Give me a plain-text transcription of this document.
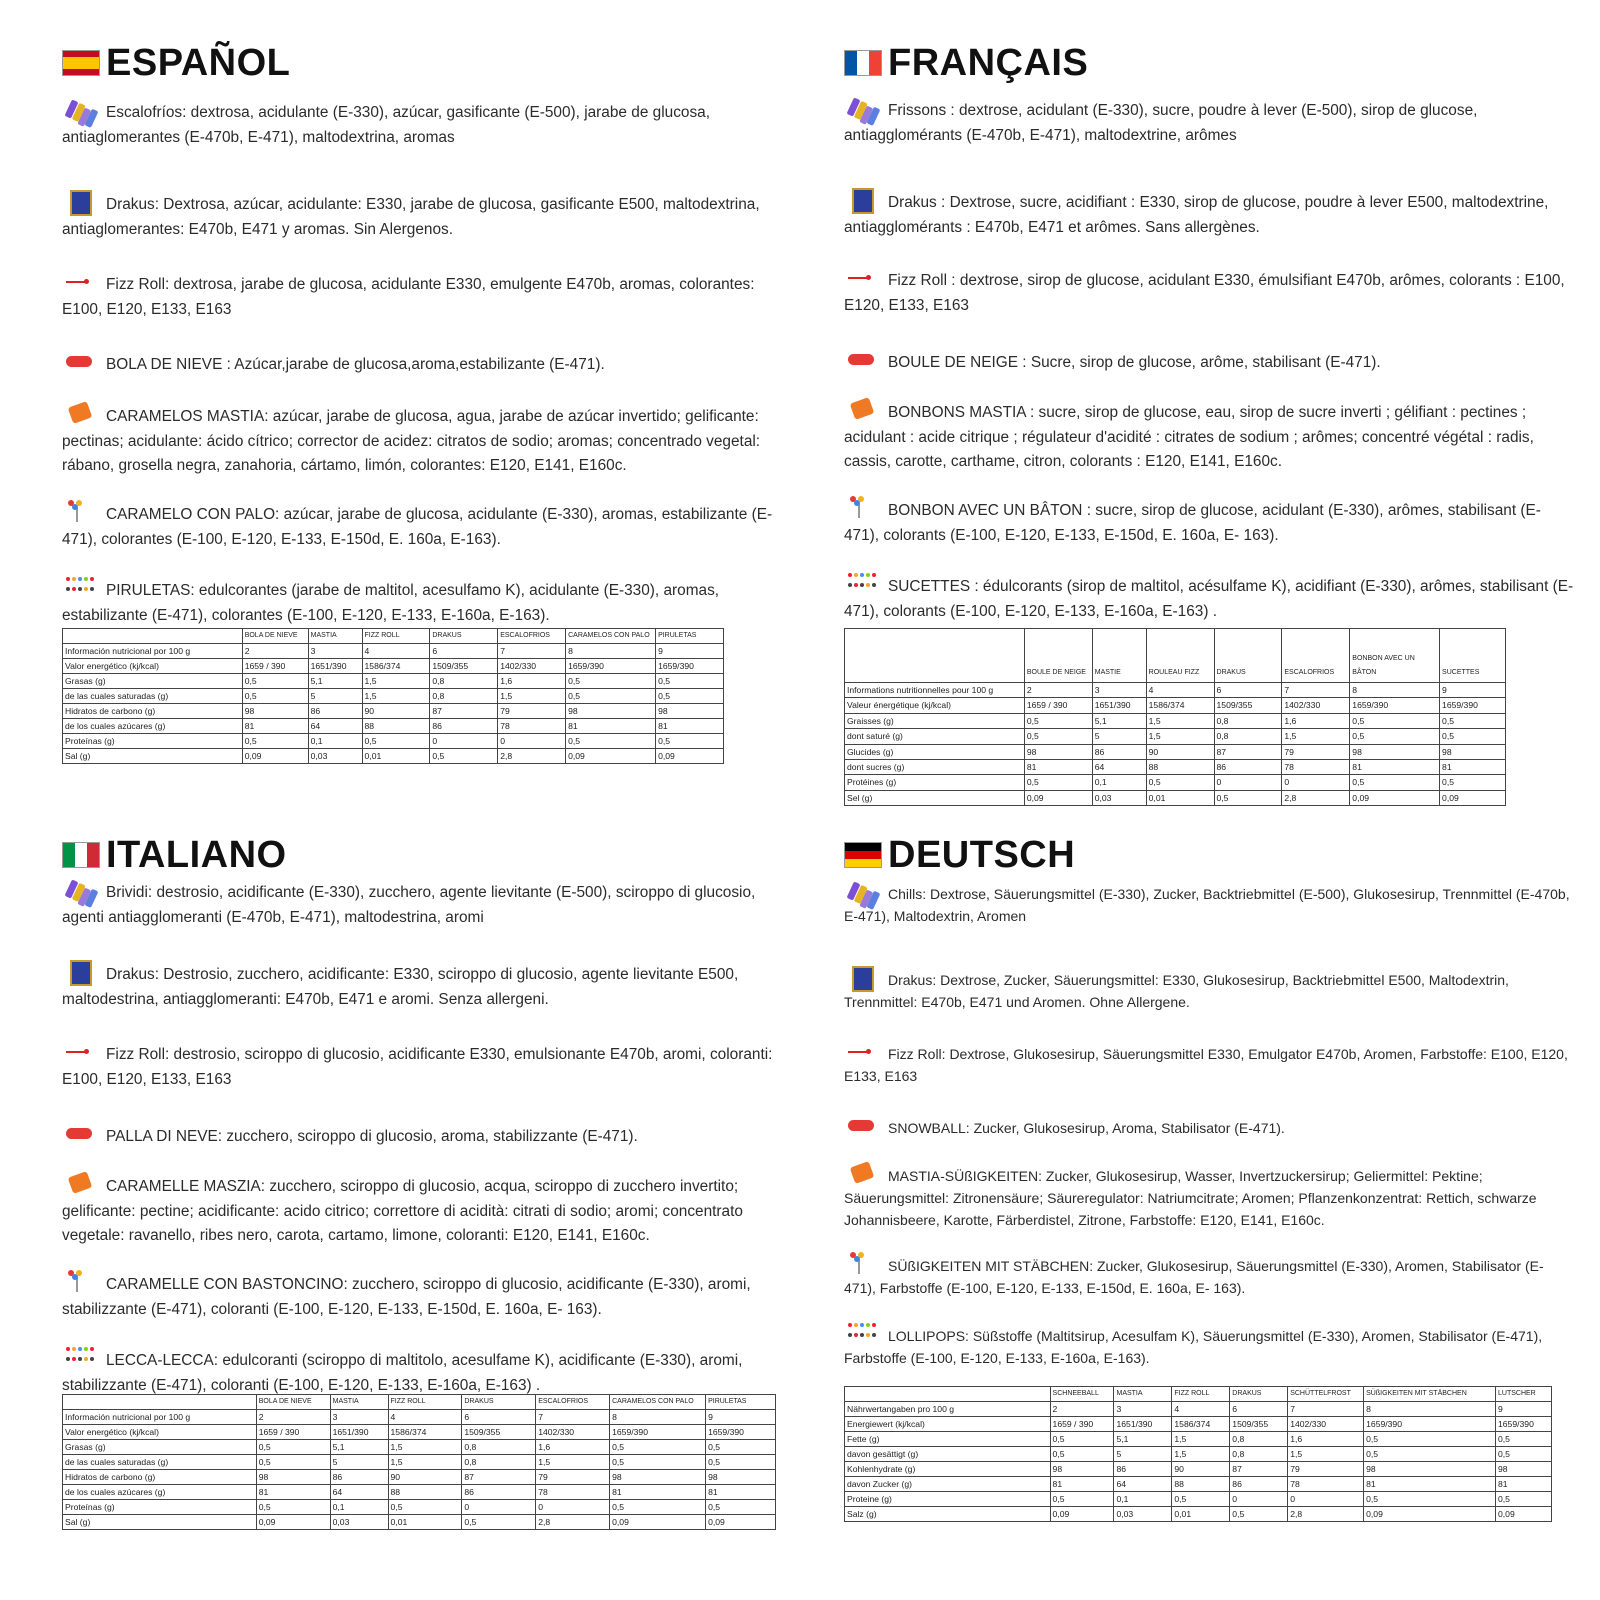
ESPAÑOL
Escalofríos: dextrosa, acidulante (E-330), azúcar, gasificante (E-500), jarabe de glucosa, antiaglomerantes (E-470b, E-471), maltodextrina, aromas
Drakus: Dextrosa, azúcar, acidulante: E330, jarabe de glucosa, gasificante E500, maltodextrina, antiaglomerantes: E470b, E471 y aromas. Sin Alergenos.
Fizz Roll: dextrosa, jarabe de glucosa, acidulante E330, emulgente E470b, aromas, colorantes: E100, E120, E133, E163
BOLA DE NIEVE : Azúcar,jarabe de glucosa,aroma,estabilizante (E-471).
CARAMELOS MASTIA: azúcar, jarabe de glucosa, agua, jarabe de azúcar invertido; gelificante: pectinas; acidulante: ácido cítrico; corrector de acidez: citratos de sodio; aromas; concentrado vegetal: rábano, grosella negra, zanahoria, cártamo, limón, colorantes: E120, E141, E160c.
CARAMELO CON PALO: azúcar, jarabe de glucosa, acidulante (E-330), aromas, estabilizante (E-471), colorantes (E-100, E-120, E-133, E-150d, E. 160a, E-163).
PIRULETAS: edulcorantes (jarabe de maltitol, acesulfamo K), acidulante (E-330), aromas, estabilizante (E-471), colorantes (E-100, E-120, E-133, E-160a, E-163).
	BOLA DE NIEVE	MASTIA	FIZZ ROLL	DRAKUS	ESCALOFRIOS	CARAMELOS CON PALO	PIRULETAS
Información nutricional por 100 g	2	3	4	6	7	8	9
Valor energético (kj/kcal)	1659 / 390	1651/390	1586/374	1509/355	1402/330	1659/390	1659/390
Grasas (g)	0,5	5,1	1,5	0,8	1,6	0,5	0,5
de las cuales saturadas (g)	0,5	5	1,5	0,8	1,5	0,5	0,5
Hidratos de carbono (g)	98	86	90	87	79	98	98
de los cuales azúcares (g)	81	64	88	86	78	81	81
Proteínas (g)	0,5	0,1	0,5	0	0	0,5	0,5
Sal (g)	0,09	0,03	0,01	0,5	2,8	0,09	0,09
FRANÇAIS
Frissons : dextrose, acidulant (E-330), sucre, poudre à lever (E-500), sirop de glucose, antiagglomérants (E-470b, E-471), maltodextrine, arômes
Drakus : Dextrose, sucre, acidifiant : E330, sirop de glucose, poudre à lever E500, maltodextrine, antiagglomérants : E470b, E471 et arômes. Sans allergènes.
Fizz Roll : dextrose, sirop de glucose, acidulant E330, émulsifiant E470b, arômes, colorants : E100, E120, E133, E163
BOULE DE NEIGE : Sucre, sirop de glucose, arôme, stabilisant (E-471).
BONBONS MASTIA : sucre, sirop de glucose, eau, sirop de sucre inverti ; gélifiant : pectines ; acidulant : acide citrique ; régulateur d'acidité : citrates de sodium ; arômes; concentré végétal : radis, cassis, carotte, carthame, citron, colorants : E120, E141, E160c.
BONBON AVEC UN BÂTON : sucre, sirop de glucose, acidulant (E-330), arômes, stabilisant (E-471), colorants (E-100, E-120, E-133, E-150d, E. 160a, E- 163).
SUCETTES : édulcorants (sirop de maltitol, acésulfame K), acidifiant (E-330), arômes, stabilisant (E-471), colorants (E-100, E-120, E-133, E-160a, E-163) .
	BOULE DE NEIGE	MASTIE	ROULEAU FIZZ	DRAKUS	ESCALOFRIOS	BONBON AVEC UN BÂTON	SUCETTES
Informations nutritionnelles pour 100 g	2	3	4	6	7	8	9
Valeur énergétique (kj/kcal)	1659 / 390	1651/390	1586/374	1509/355	1402/330	1659/390	1659/390
Graisses (g)	0,5	5,1	1,5	0,8	1,6	0,5	0,5
dont saturé (g)	0,5	5	1,5	0,8	1,5	0,5	0,5
Glucides (g)	98	86	90	87	79	98	98
dont sucres (g)	81	64	88	86	78	81	81
Protéines (g)	0,5	0,1	0,5	0	0	0,5	0,5
Sel (g)	0,09	0,03	0,01	0,5	2,8	0,09	0,09
ITALIANO
Brividi: destrosio, acidificante (E-330), zucchero, agente lievitante (E-500), sciroppo di glucosio, agenti antiagglomeranti (E-470b, E-471), maltodestrina, aromi
Drakus: Destrosio, zucchero, acidificante: E330, sciroppo di glucosio, agente lievitante E500, maltodestrina, antiagglomeranti: E470b, E471 e aromi. Senza allergeni.
Fizz Roll: destrosio, sciroppo di glucosio, acidificante E330, emulsionante E470b, aromi, coloranti: E100, E120, E133, E163
PALLA DI NEVE: zucchero, sciroppo di glucosio, aroma, stabilizzante (E-471).
CARAMELLE MASZIA: zucchero, sciroppo di glucosio, acqua, sciroppo di zucchero invertito; gelificante: pectine; acidificante: acido citrico; correttore di acidità: citrati di sodio; aromi; concentrato vegetale: ravanello, ribes nero, carota, cartamo, limone, coloranti: E120, E141, E160c.
CARAMELLE CON BASTONCINO: zucchero, sciroppo di glucosio, acidificante (E-330), aromi, stabilizzante (E-471), coloranti (E-100, E-120, E-133, E-150d, E. 160a, E- 163).
LECCA-LECCA: edulcoranti (sciroppo di maltitolo, acesulfame K), acidificante (E-330), aromi, stabilizzante (E-471), coloranti (E-100, E-120, E-133, E-160a, E-163) .
	BOLA DE NIEVE	MASTIA	FIZZ ROLL	DRAKUS	ESCALOFRIOS	CARAMELOS CON PALO	PIRULETAS
Información nutricional por 100 g	2	3	4	6	7	8	9
Valor energético (kj/kcal)	1659 / 390	1651/390	1586/374	1509/355	1402/330	1659/390	1659/390
Grasas (g)	0,5	5,1	1,5	0,8	1,6	0,5	0,5
de las cuales saturadas (g)	0,5	5	1,5	0,8	1,5	0,5	0,5
Hidratos de carbono (g)	98	86	90	87	79	98	98
de los cuales azúcares (g)	81	64	88	86	78	81	81
Proteínas (g)	0,5	0,1	0,5	0	0	0,5	0,5
Sal (g)	0,09	0,03	0,01	0,5	2,8	0,09	0,09
DEUTSCH
Chills: Dextrose, Säuerungsmittel (E-330), Zucker, Backtriebmittel (E-500), Glukosesirup, Trennmittel (E-470b, E-471), Maltodextrin, Aromen
Drakus: Dextrose, Zucker, Säuerungsmittel: E330, Glukosesirup, Backtriebmittel E500, Maltodextrin, Trennmittel: E470b, E471 und Aromen. Ohne Allergene.
Fizz Roll: Dextrose, Glukosesirup, Säuerungsmittel E330, Emulgator E470b, Aromen, Farbstoffe: E100, E120, E133, E163
SNOWBALL: Zucker, Glukosesirup, Aroma, Stabilisator (E-471).
MASTIA-SÜßIGKEITEN: Zucker, Glukosesirup, Wasser, Invertzuckersirup; Geliermittel: Pektine; Säuerungsmittel: Zitronensäure; Säureregulator: Natriumcitrate; Aromen; Pflanzenkonzentrat: Rettich, schwarze Johannisbeere, Karotte, Färberdistel, Zitrone, Farbstoffe: E120, E141, E160c.
SÜßIGKEITEN MIT STÄBCHEN: Zucker, Glukosesirup, Säuerungsmittel (E-330), Aromen, Stabilisator (E-471), Farbstoffe (E-100, E-120, E-133, E-150d, E. 160a, E- 163).
LOLLIPOPS: Süßstoffe (Maltitsirup, Acesulfam K), Säuerungsmittel (E-330), Aromen, Stabilisator (E-471), Farbstoffe (E-100, E-120, E-133, E-160a, E-163).
	SCHNEEBALL	MASTIA	FIZZ ROLL	DRAKUS	SCHÜTTELFROST	SÜßIGKEITEN MIT STÄBCHEN	LUTSCHER
Nährwertangaben pro 100 g	2	3	4	6	7	8	9
Energiewert (kj/kcal)	1659 / 390	1651/390	1586/374	1509/355	1402/330	1659/390	1659/390
Fette (g)	0,5	5,1	1,5	0,8	1,6	0,5	0,5
davon gesättigt (g)	0,5	5	1,5	0,8	1,5	0,5	0,5
Kohlenhydrate (g)	98	86	90	87	79	98	98
davon Zucker (g)	81	64	88	86	78	81	81
Proteine (g)	0,5	0,1	0,5	0	0	0,5	0,5
Salz (g)	0,09	0,03	0,01	0,5	2,8	0,09	0,09
